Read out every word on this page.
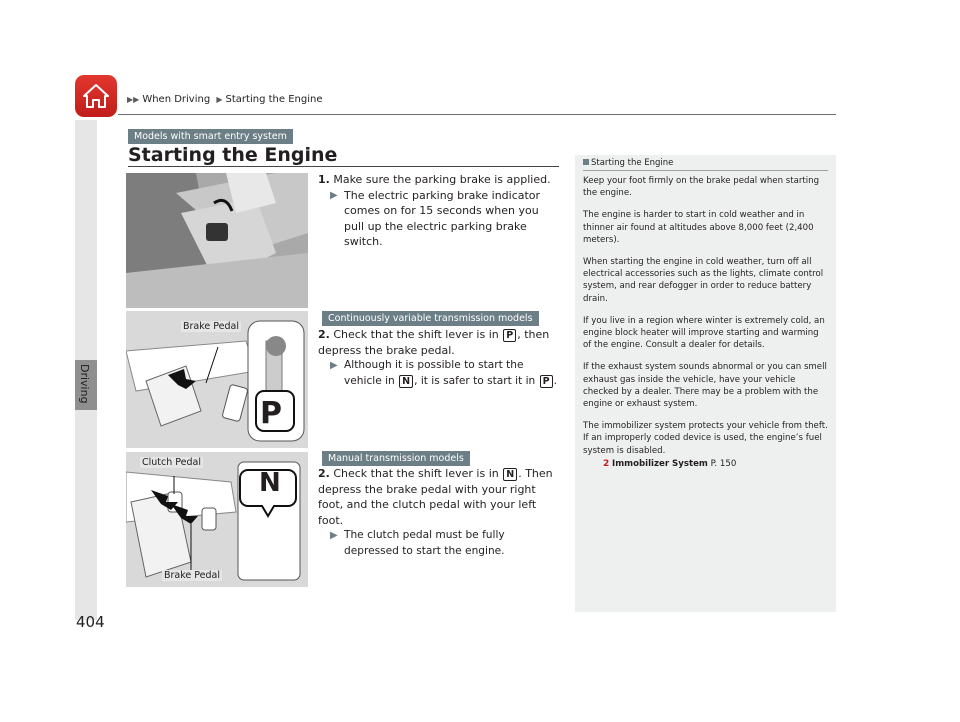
▶▶ When Driving ▶ Starting the Engine
Driving
404
Models with smart entry system
Starting the Engine
1. Make sure the parking brake is applied.
▶ The electric parking brake indicator comes on for 15 seconds when you pull up the electric parking brake switch.
Brake Pedal
P
Continuously variable transmission models
2. Check that the shift lever is in P , then depress the brake pedal.
▶ Although it is possible to start the vehicle in N , it is safer to start it in P .
Clutch Pedal
Brake Pedal
N
Manual transmission models
2. Check that the shift lever is in N . Then depress the brake pedal with your right foot, and the clutch pedal with your left foot.
▶ The clutch pedal must be fully depressed to start the engine.
Starting the Engine

Keep your foot firmly on the brake pedal when starting the engine.

The engine is harder to start in cold weather and in thinner air found at altitudes above 8,000 feet (2,400 meters).

When starting the engine in cold weather, turn off all electrical accessories such as the lights, climate control system, and rear defogger in order to reduce battery drain.

If you live in a region where winter is extremely cold, an engine block heater will improve starting and warming of the engine. Consult a dealer for details.

If the exhaust system sounds abnormal or you can smell exhaust gas inside the vehicle, have your vehicle checked by a dealer. There may be a problem with the engine or exhaust system.

The immobilizer system protects your vehicle from theft.
If an improperly coded device is used, the engine’s fuel system is disabled.

2 Immobilizer System P. 150
